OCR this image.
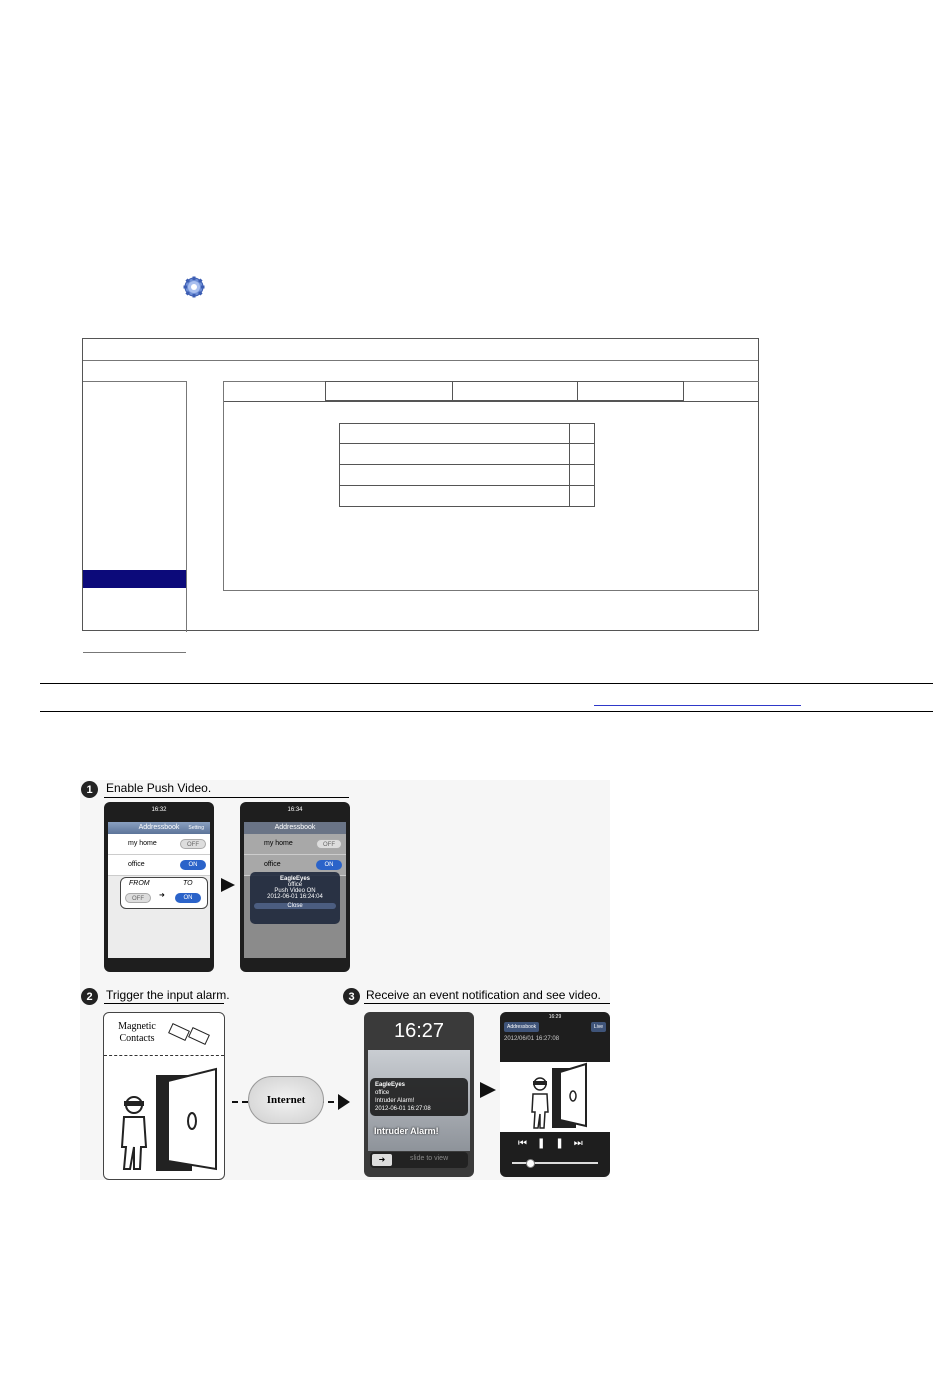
1	Enable Push Video.
16:32
Addressbook Setting
my home	OFF
office	ON
FROM	TO
OFF	➜	ON
16:34
Addressbook
my home	OFF
office	ON
EagleEyes
office
Push Video ON
2012-06-01 16:24:04
Close
2	Trigger the input alarm.
Magnetic Contacts
Internet
3 Receive an event notification and see video.
16:27
EagleEyes
office
Intruder Alarm!
2012-06-01 16:27:08
Intruder Alarm!
➜	slide to view
16:29
Addressbook	Live
2012/06/01 16:27:08
⏮❚❚⏭
